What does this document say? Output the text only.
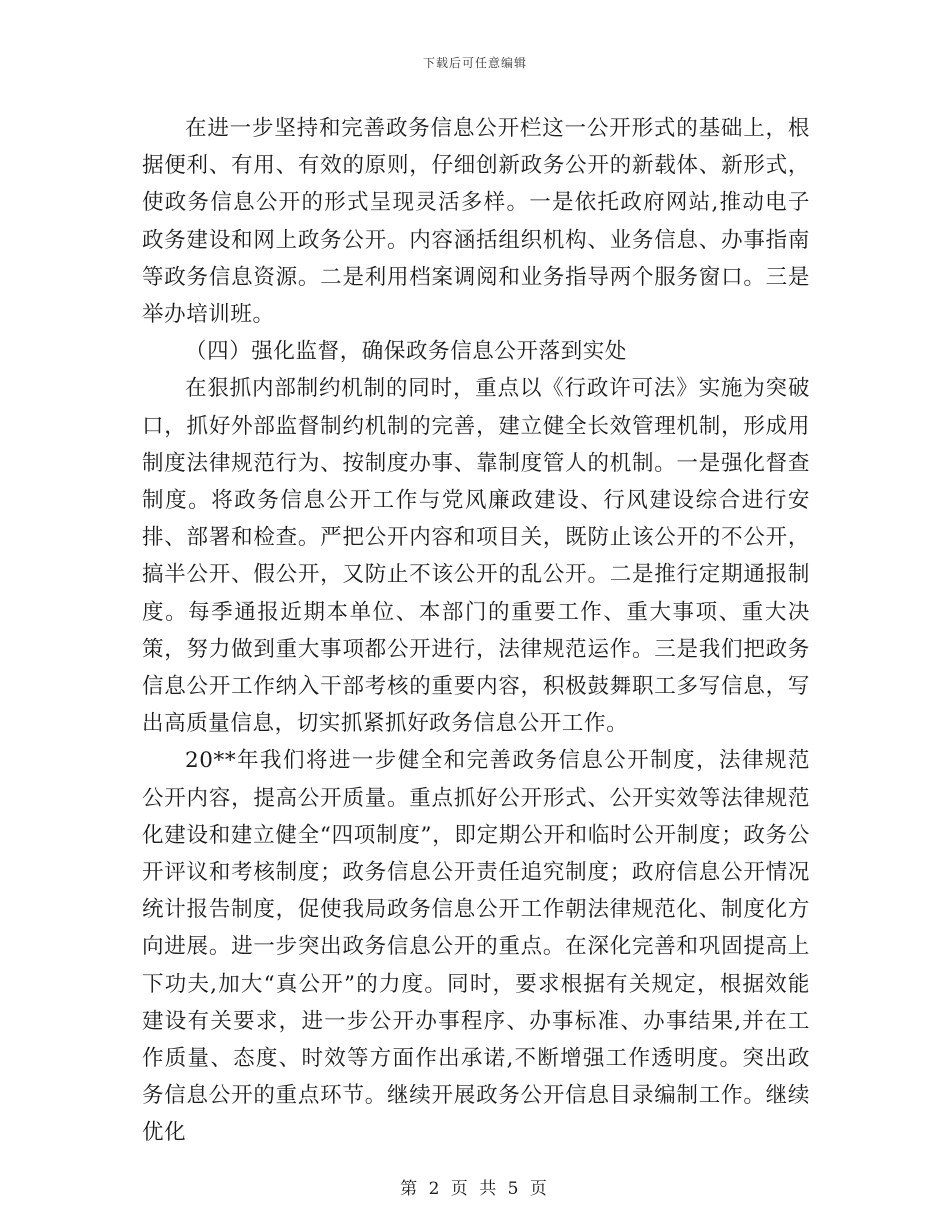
下载后可任意编辑

在进一步坚持和完善政务信息公开栏这一公开形式的基础上，根据便利、有用、有效的原则，仔细创新政务公开的新载体、新形式，使政务信息公开的形式呈现灵活多样。一是依托政府网站,推动电子政务建设和网上政务公开。内容涵括组织机构、业务信息、办事指南等政务信息资源。二是利用档案调阅和业务指导两个服务窗口。三是举办培训班。

（四）强化监督，确保政务信息公开落到实处

在狠抓内部制约机制的同时，重点以《行政许可法》实施为突破口，抓好外部监督制约机制的完善，建立健全长效管理机制，形成用制度法律规范行为、按制度办事、靠制度管人的机制。一是强化督查制度。将政务信息公开工作与党风廉政建设、行风建设综合进行安排、部署和检查。严把公开内容和项目关，既防止该公开的不公开，搞半公开、假公开，又防止不该公开的乱公开。二是推行定期通报制度。每季通报近期本单位、本部门的重要工作、重大事项、重大决策，努力做到重大事项都公开进行，法律规范运作。三是我们把政务信息公开工作纳入干部考核的重要内容，积极鼓舞职工多写信息，写出高质量信息，切实抓紧抓好政务信息公开工作。

20**年我们将进一步健全和完善政务信息公开制度，法律规范公开内容，提高公开质量。重点抓好公开形式、公开实效等法律规范化建设和建立健全“四项制度”，即定期公开和临时公开制度；政务公开评议和考核制度；政务信息公开责任追究制度；政府信息公开情况统计报告制度，促使我局政务信息公开工作朝法律规范化、制度化方向进展。进一步突出政务信息公开的重点。在深化完善和巩固提高上下功夫,加大“真公开”的力度。同时，要求根据有关规定，根据效能建设有关要求，进一步公开办事程序、办事标准、办事结果,并在工作质量、态度、时效等方面作出承诺,不断增强工作透明度。突出政务信息公开的重点环节。继续开展政务公开信息目录编制工作。继续优化

第 2 页 共 5 页
